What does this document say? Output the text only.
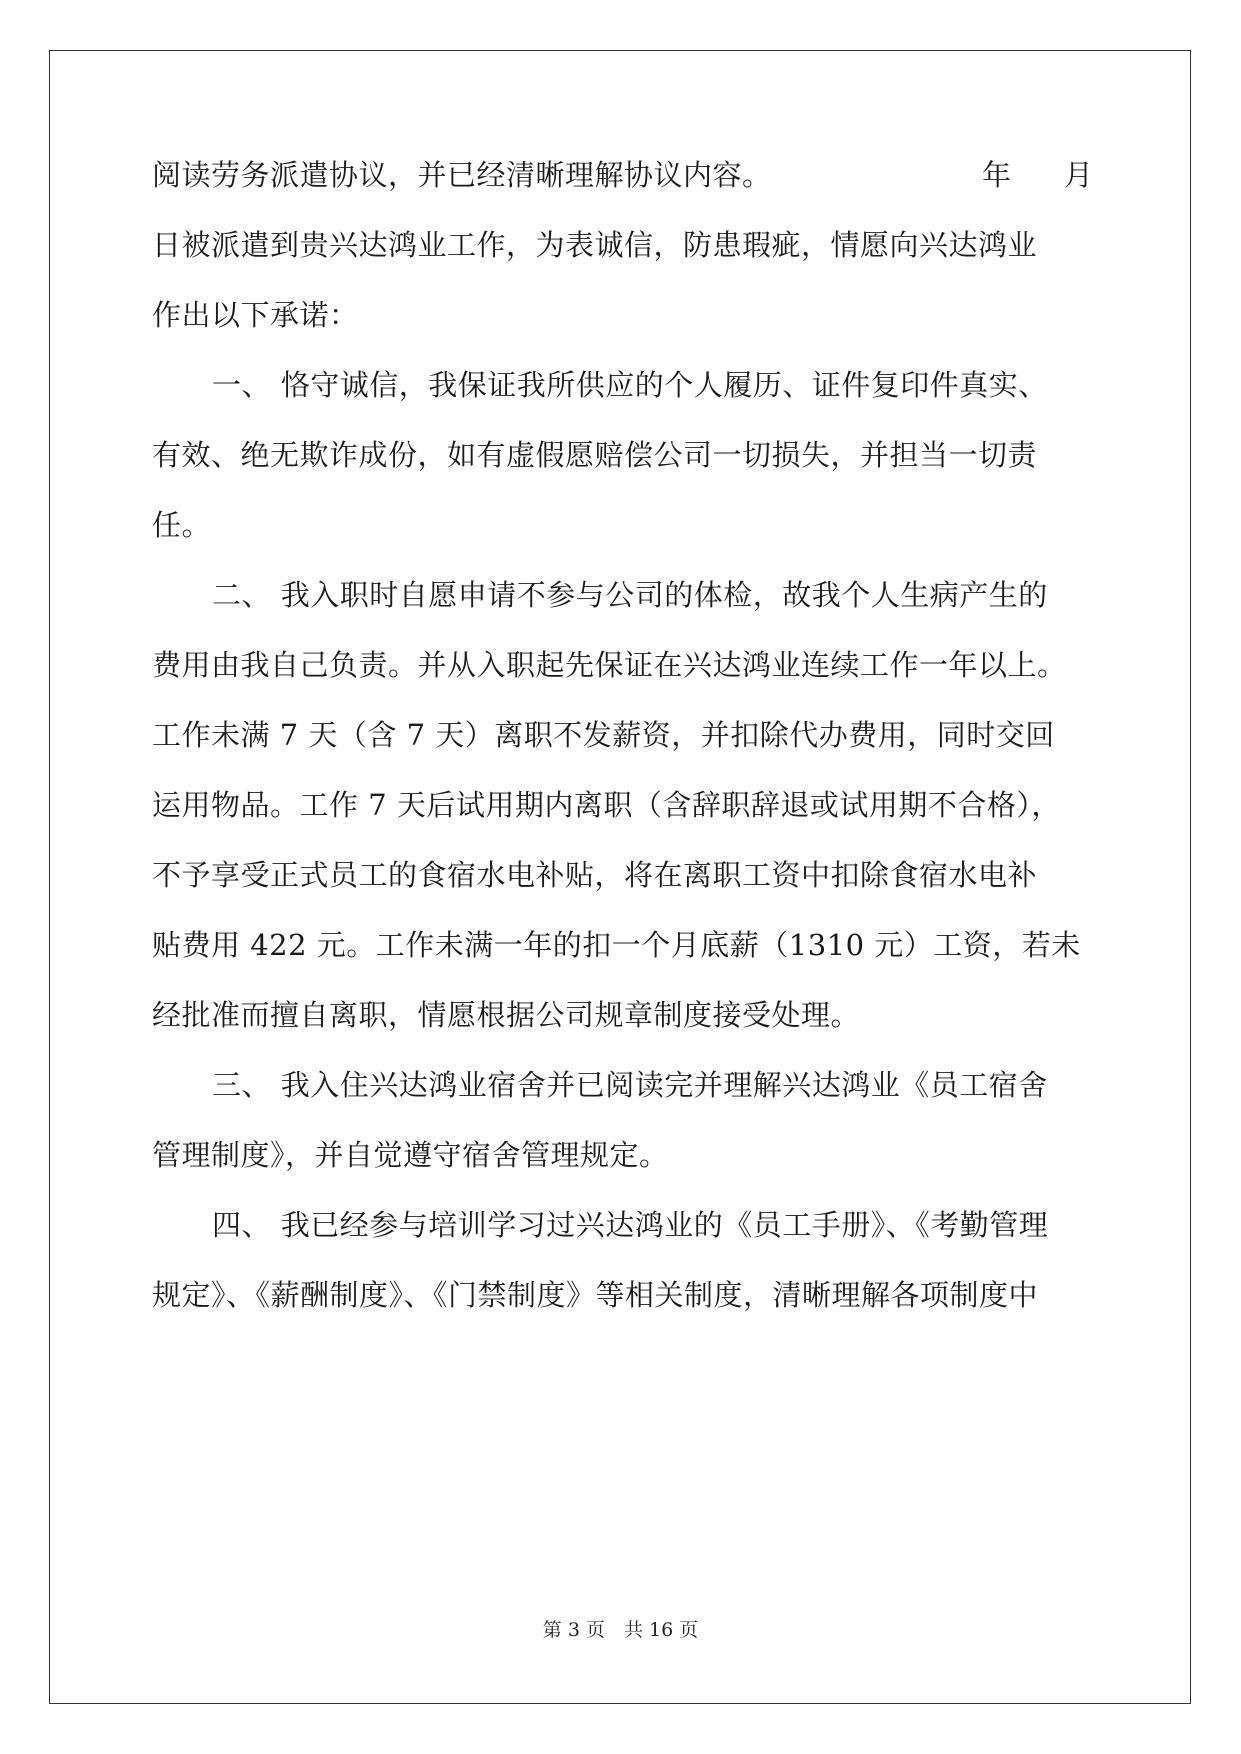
阅读劳务派遣协议，并已经清晰理解协议内容。	年 月
日被派遣到贵兴达鸿业工作，为表诚信，防患瑕疵，情愿向兴达鸿业
作出以下承诺：
一、 恪守诚信，我保证我所供应的个人履历、证件复印件真实、
有效、绝无欺诈成份，如有虚假愿赔偿公司一切损失，并担当一切责
任。
二、 我入职时自愿申请不参与公司的体检，故我个人生病产生的
费用由我自己负责。并从入职起先保证在兴达鸿业连续工作一年以上。
工作未满 7 天（含 7 天）离职不发薪资，并扣除代办费用，同时交回
运用物品。工作 7 天后试用期内离职（含辞职辞退或试用期不合格），
不予享受正式员工的食宿水电补贴，将在离职工资中扣除食宿水电补
贴费用 422 元。工作未满一年的扣一个月底薪（1310 元）工资，若未
经批准而擅自离职，情愿根据公司规章制度接受处理。
三、 我入住兴达鸿业宿舍并已阅读完并理解兴达鸿业《员工宿舍
管理制度》，并自觉遵守宿舍管理规定。
四、 我已经参与培训学习过兴达鸿业的《员工手册》、《考勤管理
规定》、《薪酬制度》、《门禁制度》等相关制度，清晰理解各项制度中
第 3 页　共 16 页
